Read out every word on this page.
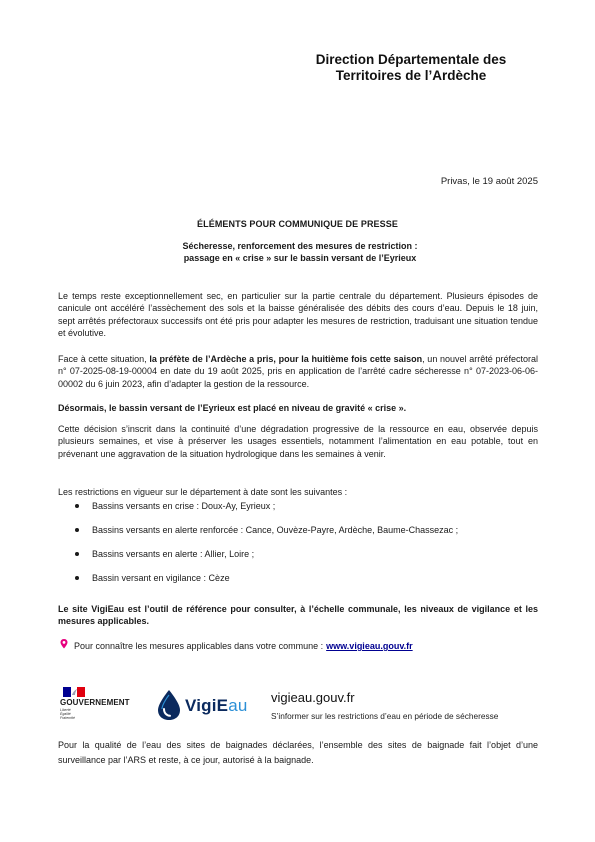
Direction Départementale des
Territoires de l’Ardèche
Privas, le 19 août 2025
ÉLÉMENTS POUR COMMUNIQUE DE PRESSE
Sécheresse, renforcement des mesures de restriction :
passage en « crise » sur le bassin versant de l’Eyrieux

Le temps reste exceptionnellement sec, en particulier sur la partie centrale du département. Plusieurs épisodes de canicule ont accéléré l’assèchement des sols et la baisse généralisée des débits des cours d’eau. Depuis le 18 juin, sept arrêtés préfectoraux successifs ont été pris pour adapter les mesures de restriction, traduisant une situation tendue et évolutive.

Face à cette situation, la préfète de l’Ardèche a pris, pour la huitième fois cette saison, un nouvel arrêté préfectoral n° 07-2025-08-19-00004 en date du 19 août 2025, pris en application de l’arrêté cadre sécheresse n° 07-2023-06-06-00002 du 6 juin 2023, afin d’adapter la gestion de la ressource.

Désormais, le bassin versant de l’Eyrieux est placé en niveau de gravité « crise ».

Cette décision s’inscrit dans la continuité d’une dégradation progressive de la ressource en eau, observée depuis plusieurs semaines, et vise à préserver les usages essentiels, notamment l’alimentation en eau potable, tout en prévenant une aggravation de la situation hydrologique dans les semaines à venir.

Les restrictions en vigueur sur le département à date sont les suivantes :

Bassins versants en crise : Doux-Ay, Eyrieux ;
Bassins versants en alerte renforcée : Cance, Ouvèze-Payre, Ardèche, Baume-Chassezac ;
Bassins versants en alerte : Allier, Loire ;
Bassin versant en vigilance : Cèze

Le site VigiEau est l’outil de référence pour consulter, à l’échelle communale, les niveaux de vigilance et les mesures applicables.

Pour connaître les mesures applicables dans votre commune : www.vigieau.gouv.fr
GOUVERNEMENT
Liberté
Égalité
Fraternité
VigiEau vigieau.gouv.fr
S’informer sur les restrictions d’eau en période de sécheresse

Pour la qualité de l’eau des sites de baignades déclarées, l’ensemble des sites de baignade fait l’objet d’une surveillance par l’ARS et reste, à ce jour, autorisé à la baignade.
